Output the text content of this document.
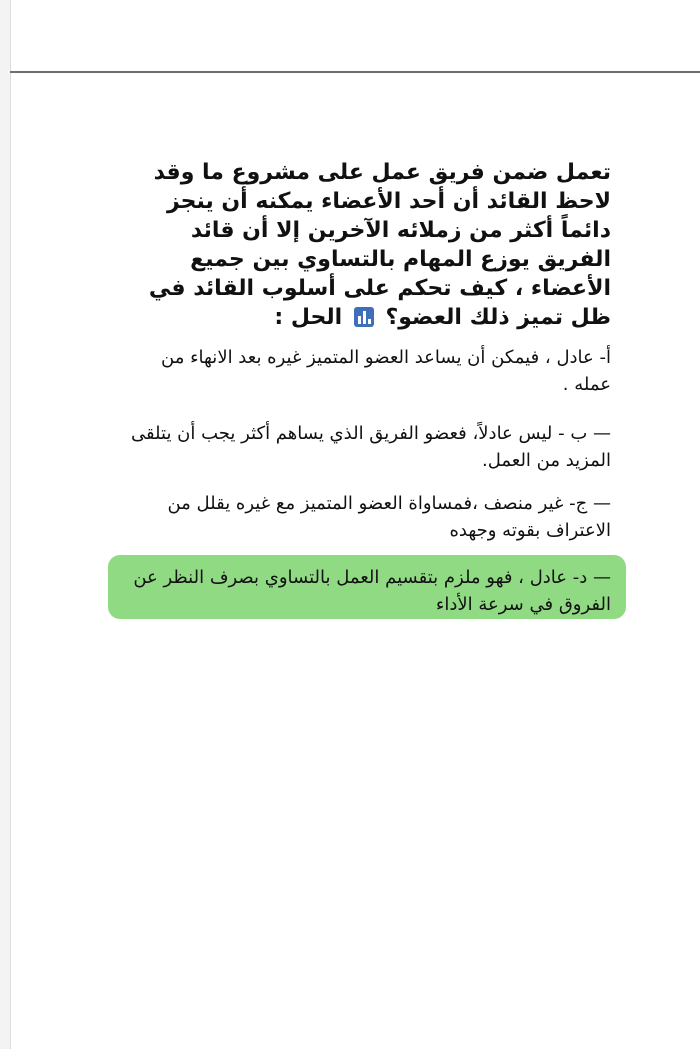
تعمل ضمن فريق عمل على مشروع ما وقد لاحظ القائد أن أحد الأعضاء يمكنه أن ينجز دائماً أكثر من زملائه الآخرين إلا أن قائد الفريق يوزع المهام بالتساوي بين جميع الأعضاء ، كيف تحكم على أسلوب القائد في ظل تميز ذلك العضو؟
الحل :

أ- عادل ، فيمكن أن يساعد العضو المتميز غيره بعد الانهاء من عمله .

— ب - ليس عادلاً، فعضو الفريق الذي يساهم أكثر يجب أن يتلقى المزيد من العمل.

— ج- غير منصف ،فمساواة العضو المتميز مع غيره يقلل من الاعتراف بقوته وجهده

— د- عادل ، فهو ملزم بتقسيم العمل بالتساوي بصرف النظر عن الفروق في سرعة الأداء
